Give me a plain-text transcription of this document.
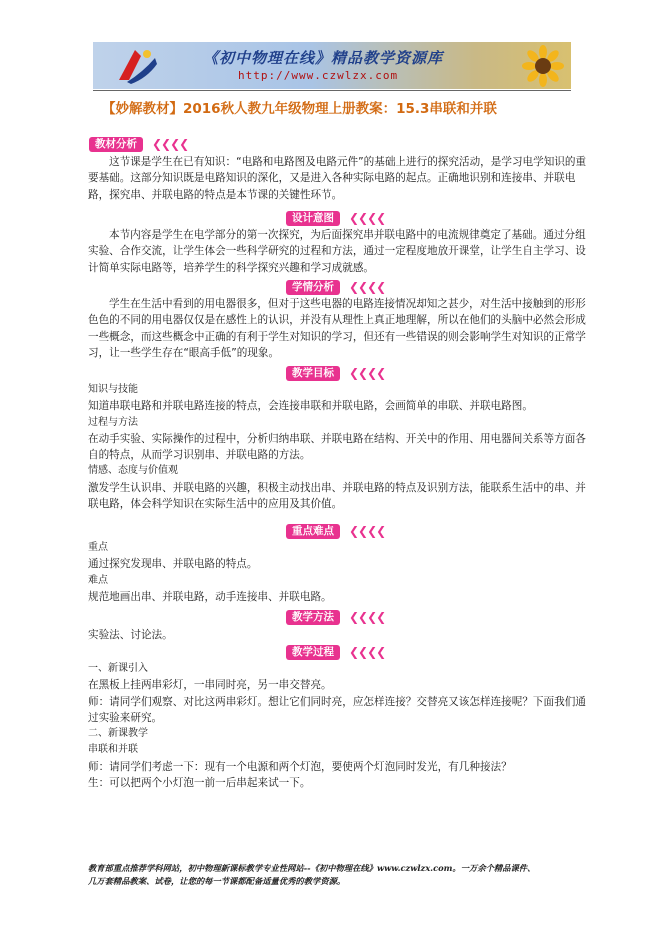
《初中物理在线》精品教学资源库
http://www.czwlzx.com
【妙解教材】2016秋人教九年级物理上册教案：15.3串联和并联
教材分析	❮❮❮❮
这节课是学生在已有知识：“电路和电路图及电路元件”的基础上进行的探究活动，是学习电学知识的重要基础。这部分知识既是电路知识的深化，又是进入各种实际电路的起点。正确地识别和连接串、并联电路，探究串、并联电路的特点是本节课的关键性环节。
设计意图	❮❮❮❮
本节内容是学生在电学部分的第一次探究，为后面探究串并联电路中的电流规律奠定了基础。通过分组实验、合作交流，让学生体会一些科学研究的过程和方法，通过一定程度地放开课堂，让学生自主学习、设计简单实际电路等，培养学生的科学探究兴趣和学习成就感。
学情分析	❮❮❮❮
学生在生活中看到的用电器很多，但对于这些电器的电路连接情况却知之甚少，对生活中接触到的形形色色的不同的用电器仅仅是在感性上的认识，并没有从理性上真正地理解，所以在他们的头脑中必然会形成一些概念，而这些概念中正确的有利于学生对知识的学习，但还有一些错误的则会影响学生对知识的正常学习，让一些学生存在“眼高手低”的现象。
教学目标	❮❮❮❮

知识与技能

知道串联电路和并联电路连接的特点，会连接串联和并联电路，会画简单的串联、并联电路图。

过程与方法

在动手实验、实际操作的过程中，分析归纳串联、并联电路在结构、开关中的作用、用电器间关系等方面各自的特点，从而学习识别串、并联电路的方法。

情感、态度与价值观

激发学生认识串、并联电路的兴趣，积极主动找出串、并联电路的特点及识别方法，能联系生活中的串、并联电路，体会科学知识在实际生活中的应用及其价值。

重点难点	❮❮❮❮

重点

通过探究发现串、并联电路的特点。

难点

规范地画出串、并联电路，动手连接串、并联电路。

教学方法	❮❮❮❮
实验法、讨论法。
教学过程	❮❮❮❮

一、新课引入

在黑板上挂两串彩灯，一串同时亮，另一串交替亮。

师：请同学们观察、对比这两串彩灯。想让它们同时亮，应怎样连接？交替亮又该怎样连接呢？下面我们通过实验来研究。

二、新课教学

串联和并联

师：请同学们考虑一下：现有一个电源和两个灯泡，要使两个灯泡同时发光，有几种接法？

生：可以把两个小灯泡一前一后串起来试一下。

教育部重点推荐学科网站，初中物理新课标教学专业性网站--《初中物理在线》www.czwlzx.com。一万余个精品课件、
几万套精品教案、试卷，让您的每一节课都配备适量优秀的教学资源。
